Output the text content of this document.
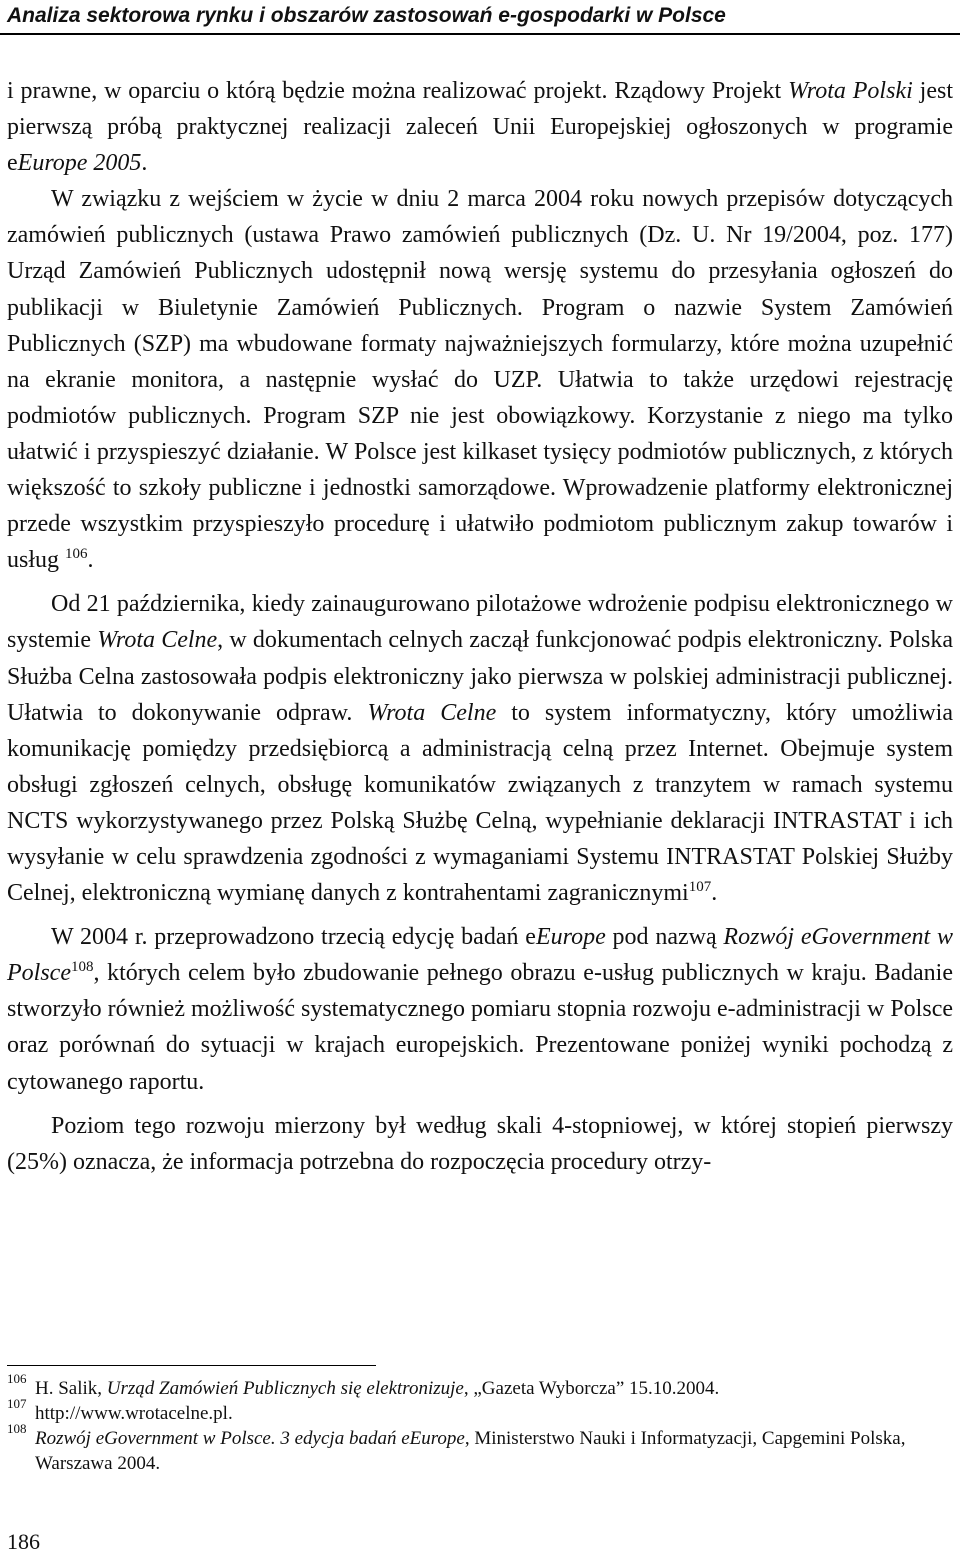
Analiza sektorowa rynku i obszarów zastosowań e-gospodarki w Polsce

i prawne, w oparciu o którą będzie można realizować projekt. Rządowy Projekt Wrota Polski jest pierwszą próbą praktycznej realizacji zaleceń Unii Europejskiej ogłoszonych w programie eEurope 2005.

W związku z wejściem w życie w dniu 2 marca 2004 roku nowych przepisów dotyczących zamówień publicznych (ustawa Prawo zamówień publicznych (Dz. U. Nr 19/2004, poz. 177) Urząd Zamówień Publicznych udostępnił nową wersję systemu do przesyłania ogłoszeń do publikacji w Biuletynie Zamówień Publicznych. Program o nazwie System Zamówień Publicznych (SZP) ma wbudowane formaty najważniejszych formularzy, które można uzupełnić na ekranie monitora, a następnie wysłać do UZP. Ułatwia to także urzędowi rejestrację podmiotów publicznych. Program SZP nie jest obowiązkowy. Korzystanie z niego ma tylko ułatwić i przyspieszyć działanie. W Polsce jest kilkaset tysięcy podmiotów publicznych, z których większość to szkoły publiczne i jednostki samorządowe. Wprowadzenie platformy elektronicznej przede wszystkim przyspieszyło procedurę i ułatwiło podmiotom publicznym zakup towarów i usług $^{106}$.

Od 21 października, kiedy zainaugurowano pilotażowe wdrożenie podpisu elektronicznego w systemie Wrota Celne, w dokumentach celnych zaczął funkcjonować podpis elektroniczny. Polska Służba Celna zastosowała podpis elektroniczny jako pierwsza w polskiej administracji publicznej. Ułatwia to dokonywanie odpraw. Wrota Celne to system informatyczny, który umożliwia komunikację pomiędzy przedsiębiorcą a administracją celną przez Internet. Obejmuje system obsługi zgłoszeń celnych, obsługę komunikatów związanych z tranzytem w ramach systemu NCTS wykorzystywanego przez Polską Służbę Celną, wypełnianie deklaracji INTRASTAT i ich wysyłanie w celu sprawdzenia zgodności z wymaganiami Systemu INTRASTAT Polskiej Służby Celnej, elektroniczną wymianę danych z kontrahentami zagranicznymi$^{107}$.

W 2004 r. przeprowadzono trzecią edycję badań eEurope pod nazwą Rozwój eGovernment w Polsce$^{108}$, których celem było zbudowanie pełnego obrazu e-usług publicznych w kraju. Badanie stworzyło również możliwość systematycznego pomiaru stopnia rozwoju e-administracji w Polsce oraz porównań do sytuacji w krajach europejskich. Prezentowane poniżej wyniki pochodzą z cytowanego raportu.

Poziom tego rozwoju mierzony był według skali 4-stopniowej, w której stopień pierwszy (25%) oznacza, że informacja potrzebna do rozpoczęcia procedury otrzy-

106 H. Salik, Urząd Zamówień Publicznych się elektronizuje, „Gazeta Wyborcza” 15.10.2004.
107 http://www.wrotacelne.pl.
108 Rozwój eGovernment w Polsce. 3 edycja badań eEurope, Ministerstwo Nauki i Informatyzacji, Capgemini Polska, Warszawa 2004.
186
